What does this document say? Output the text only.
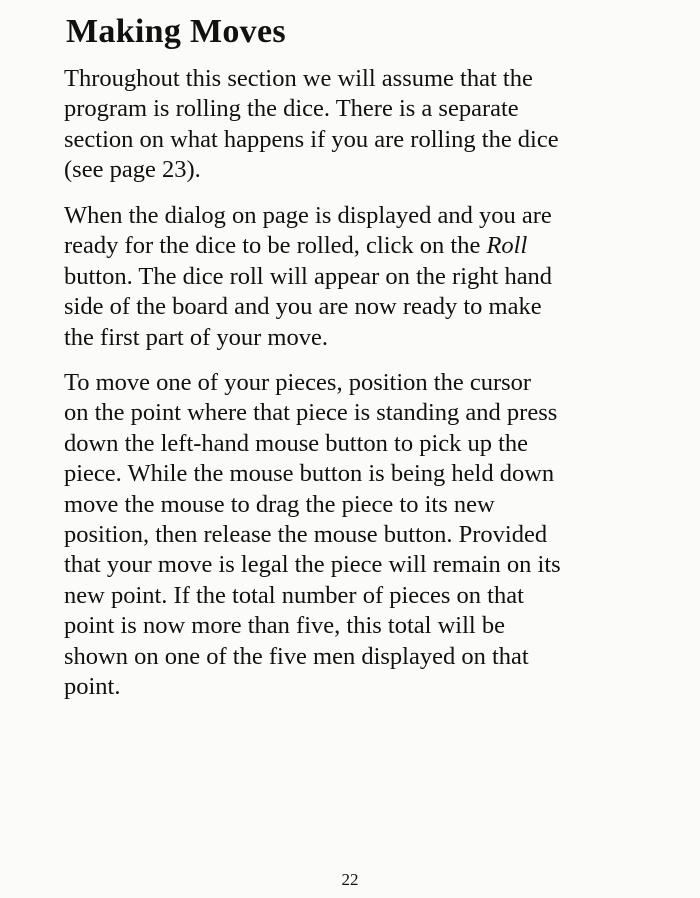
Making Moves

Throughout this section we will assume that the
program is rolling the dice. There is a separate
section on what happens if you are rolling the dice
(see page 23).

When the dialog on page is displayed and you are
ready for the dice to be rolled, click on the Roll
button. The dice roll will appear on the right hand
side of the board and you are now ready to make
the first part of your move.

To move one of your pieces, position the cursor
on the point where that piece is standing and press
down the left-hand mouse button to pick up the
piece. While the mouse button is being held down
move the mouse to drag the piece to its new
position, then release the mouse button. Provided
that your move is legal the piece will remain on its
new point. If the total number of pieces on that
point is now more than five, this total will be
shown on one of the five men displayed on that
point.

22
